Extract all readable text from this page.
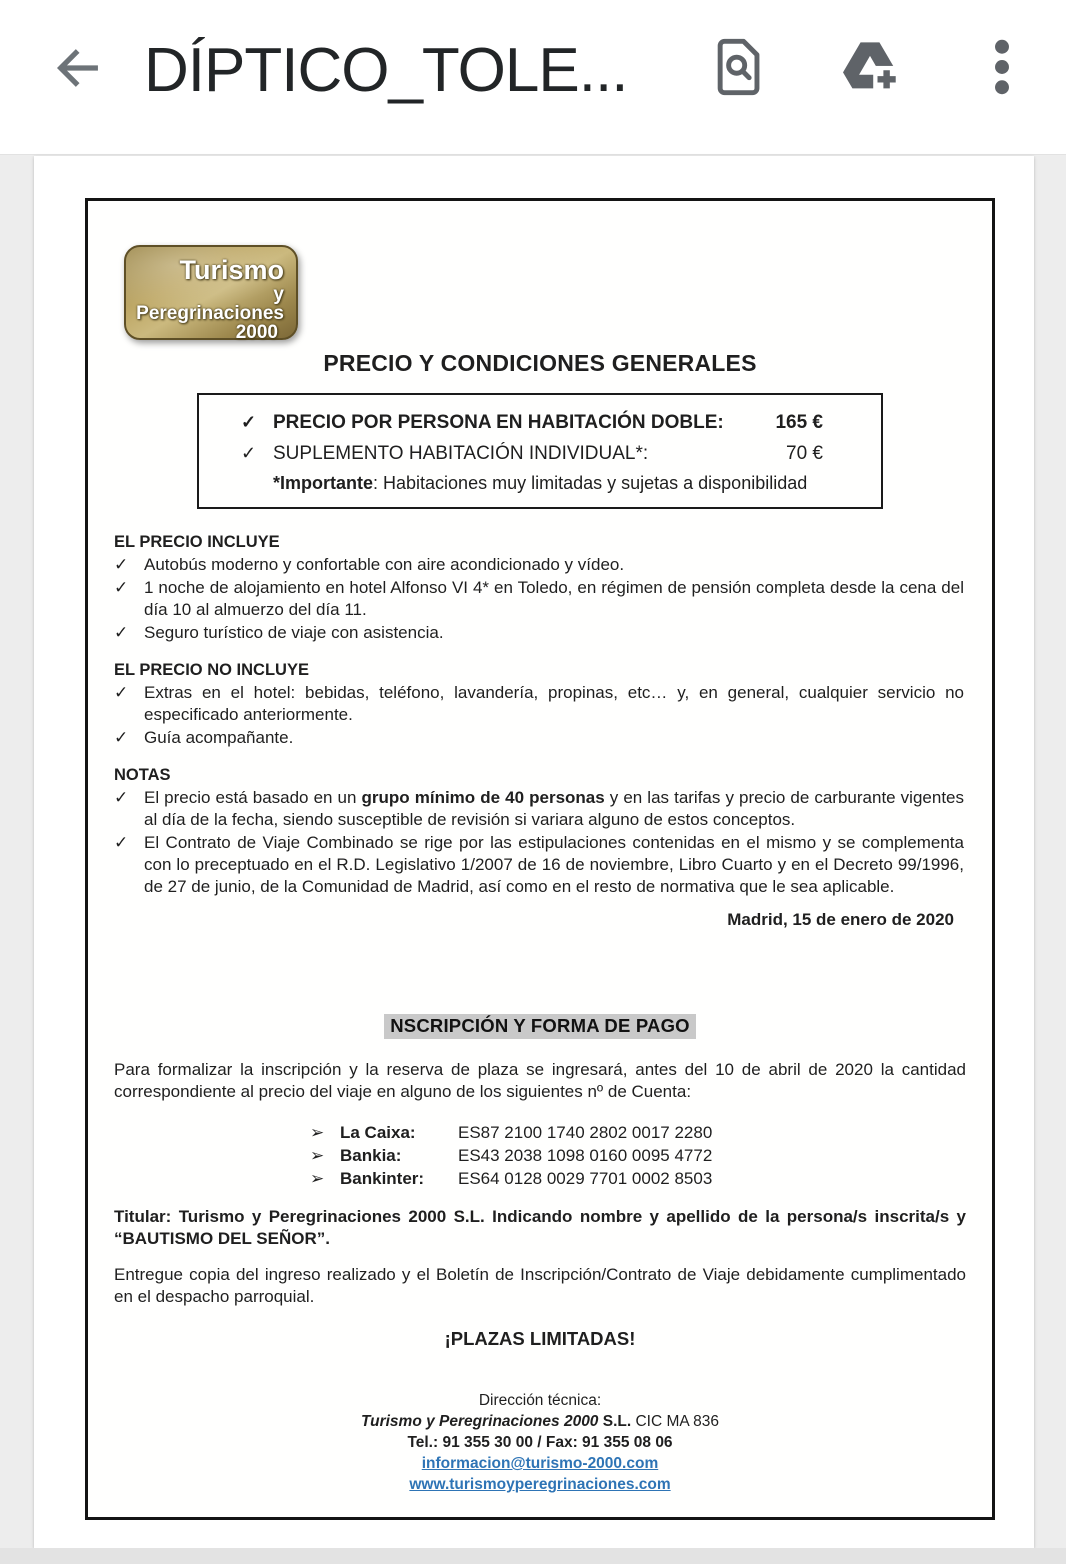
DÍPTICO_TOLE...
Turismo
y Peregrinaciones
2000
PRECIO Y CONDICIONES GENERALES
✓ PRECIO POR PERSONA EN HABITACIÓN DOBLE:	165 €
✓ SUPLEMENTO HABITACIÓN INDIVIDUAL*:	70 €
*Importante: Habitaciones muy limitadas y sujetas a disponibilidad
EL PRECIO INCLUYE
✓ Autobús moderno y confortable con aire acondicionado y vídeo.
✓ 1 noche de alojamiento en hotel Alfonso VI 4* en Toledo, en régimen de pensión completa desde la cena del día 10 al almuerzo del día 11.
✓ Seguro turístico de viaje con asistencia.
EL PRECIO NO INCLUYE
✓ Extras en el hotel: bebidas, teléfono, lavandería, propinas, etc… y, en general, cualquier servicio no especificado anteriormente.
✓ Guía acompañante.
NOTAS
✓ El precio está basado en un grupo mínimo de 40 personas y en las tarifas y precio de carburante vigentes al día de la fecha, siendo susceptible de revisión si variara alguno de estos conceptos.
✓ El Contrato de Viaje Combinado se rige por las estipulaciones contenidas en el mismo y se complementa con lo preceptuado en el R.D. Legislativo 1/2007 de 16 de noviembre, Libro Cuarto y en el Decreto 99/1996, de 27 de junio, de la Comunidad de Madrid, así como en el resto de normativa que le sea aplicable.
Madrid, 15 de enero de 2020
NSCRIPCIÓN Y FORMA DE PAGO

Para formalizar la inscripción y la reserva de plaza se ingresará, antes del 10 de abril de 2020 la cantidad correspondiente al precio del viaje en alguno de los siguientes nº de Cuenta:

➢ La Caixa:	ES87 2100 1740 2802 0017 2280
➢ Bankia:	ES43 2038 1098 0160 0095 4772
➢ Bankinter:	ES64 0128 0029 7701 0002 8503

Titular: Turismo y Peregrinaciones 2000 S.L. Indicando nombre y apellido de la persona/s inscrita/s y “BAUTISMO DEL SEÑOR”.

Entregue copia del ingreso realizado y el Boletín de Inscripción/Contrato de Viaje debidamente cumplimentado en el despacho parroquial.

¡PLAZAS LIMITADAS!
Dirección técnica:
Turismo y Peregrinaciones 2000 S.L. CIC MA 836
Tel.: 91 355 30 00 / Fax: 91 355 08 06
informacion@turismo-2000.com
www.turismoyperegrinaciones.com
